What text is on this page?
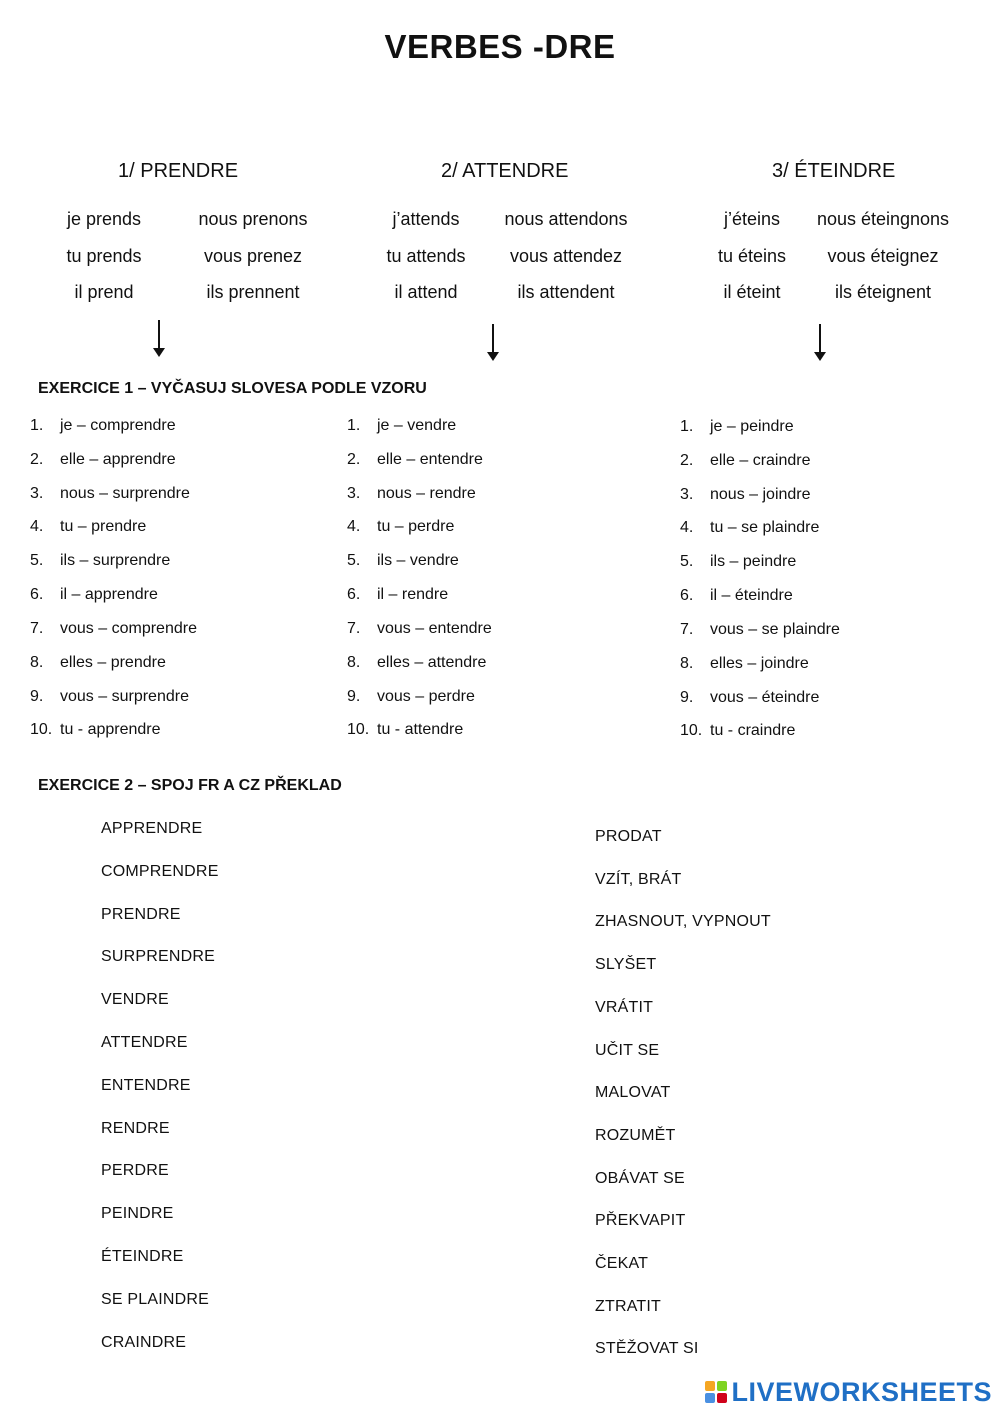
VERBES -DRE
1/ PRENDRE	2/ ATTENDRE	3/ ÉTEINDRE
je prends	nous prenons
tu prends	vous prenez
il prend	ils prennent
j’attends	nous attendons
tu attends	vous attendez
il attend	ils attendent
j’éteins	nous éteingnons
tu éteins	vous éteignez
il éteint	ils éteignent
EXERCICE 1 – VYČASUJ SLOVESA PODLE VZORU
1. je – comprendre
2. elle – apprendre
3. nous – surprendre
4. tu – prendre
5. ils – surprendre
6. il – apprendre
7. vous – comprendre
8. elles – prendre
9. vous – surprendre
10. tu - apprendre
1. je – vendre
2. elle – entendre
3. nous – rendre
4. tu – perdre
5. ils – vendre
6. il – rendre
7. vous – entendre
8. elles – attendre
9. vous – perdre
10. tu - attendre
1. je – peindre
2. elle – craindre
3. nous – joindre
4. tu – se plaindre
5. ils – peindre
6. il – éteindre
7. vous – se plaindre
8. elles – joindre
9. vous – éteindre
10. tu - craindre
EXERCICE 2 – SPOJ FR A CZ PŘEKLAD
APPRENDRE
COMPRENDRE
PRENDRE
SURPRENDRE
VENDRE
ATTENDRE
ENTENDRE
RENDRE
PERDRE
PEINDRE
ÉTEINDRE
SE PLAINDRE
CRAINDRE
PRODAT
VZÍT, BRÁT
ZHASNOUT, VYPNOUT
SLYŠET
VRÁTIT
UČIT SE
MALOVAT
ROZUMĚT
OBÁVAT SE
PŘEKVAPIT
ČEKAT
ZTRATIT
STĚŽOVAT SI
LIVEWORKSHEETS
